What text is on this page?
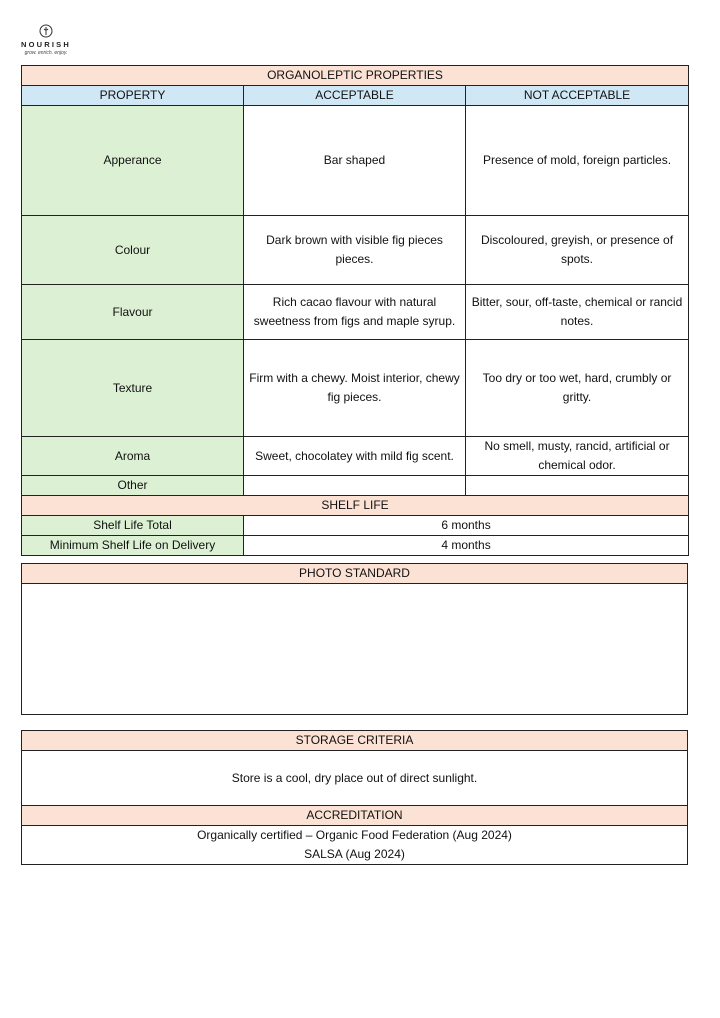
NOURISH
grow. enrich. enjoy.
ORGANOLEPTIC PROPERTIES		
PROPERTY	ACCEPTABLE	NOT ACCEPTABLE
Apperance	Bar shaped	Presence of mold, foreign particles.
Colour	Dark brown with visible fig pieces pieces.	Discoloured, greyish, or presence of spots.
Flavour	Rich cacao flavour with natural sweetness from figs and maple syrup.	Bitter, sour, off-taste, chemical or rancid notes.
Texture	Firm with a chewy. Moist interior, chewy fig pieces.	Too dry or too wet, hard, crumbly or gritty.
Aroma	Sweet, chocolatey with mild fig scent.	No smell, musty, rancid, artificial or chemical odor.
Other		
SHELF LIFE		
Shelf Life Total	6 months	
Minimum Shelf Life on Delivery	4 months	
PHOTO STANDARD

STORAGE CRITERIA
Store is a cool, dry place out of direct sunlight.
ACCREDITATION

Organically certified – Organic Food Federation (Aug 2024)
SALSA (Aug 2024)
